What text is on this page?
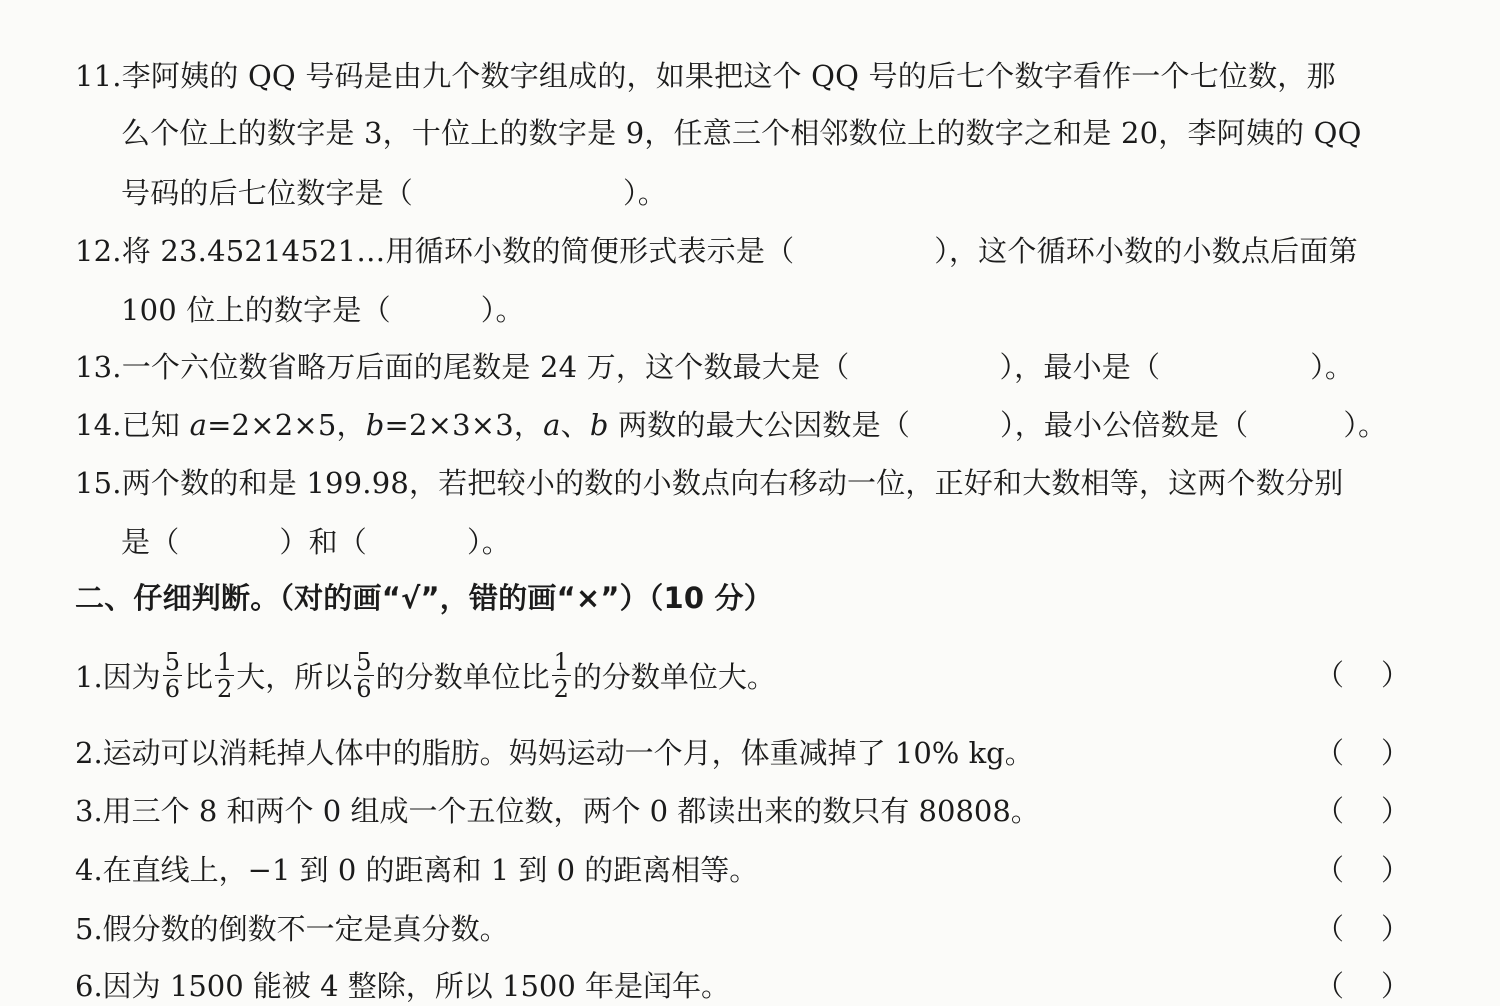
11.李阿姨的 QQ 号码是由九个数字组成的，如果把这个 QQ 号的后七个数字看作一个七位数，那
么个位上的数字是 3，十位上的数字是 9，任意三个相邻数位上的数字之和是 20，李阿姨的 QQ
号码的后七位数字是（	）。
12.将 23.45214521…用循环小数的简便形式表示是（	），这个循环小数的小数点后面第
100 位上的数字是（	）。
13.一个六位数省略万后面的尾数是 24 万，这个数最大是（	），最小是（	）。
14.已知 a=2×2×5，b=2×3×3，a、b 两数的最大公因数是（	），最小公倍数是（	）。
15.两个数的和是 199.98，若把较小的数的小数点向右移动一位，正好和大数相等，这两个数分别
是（	）和（	）。
二、仔细判断。（对的画“√”，错的画“×”）（10 分）
1.因为 $\frac{5}{6}$ 比 $\frac{1}{2}$ 大，所以 $\frac{5}{6}$ 的分数单位比 $\frac{1}{2}$ 的分数单位大。	（ ）
2.运动可以消耗掉人体中的脂肪。妈妈运动一个月，体重减掉了 10% kg。	（ ）
3.用三个 8 和两个 0 组成一个五位数，两个 0 都读出来的数只有 80808。	（ ）
4.在直线上，−1 到 0 的距离和 1 到 0 的距离相等。	（ ）
5.假分数的倒数不一定是真分数。	（ ）
6.因为 1500 能被 4 整除，所以 1500 年是闰年。	（ ）
